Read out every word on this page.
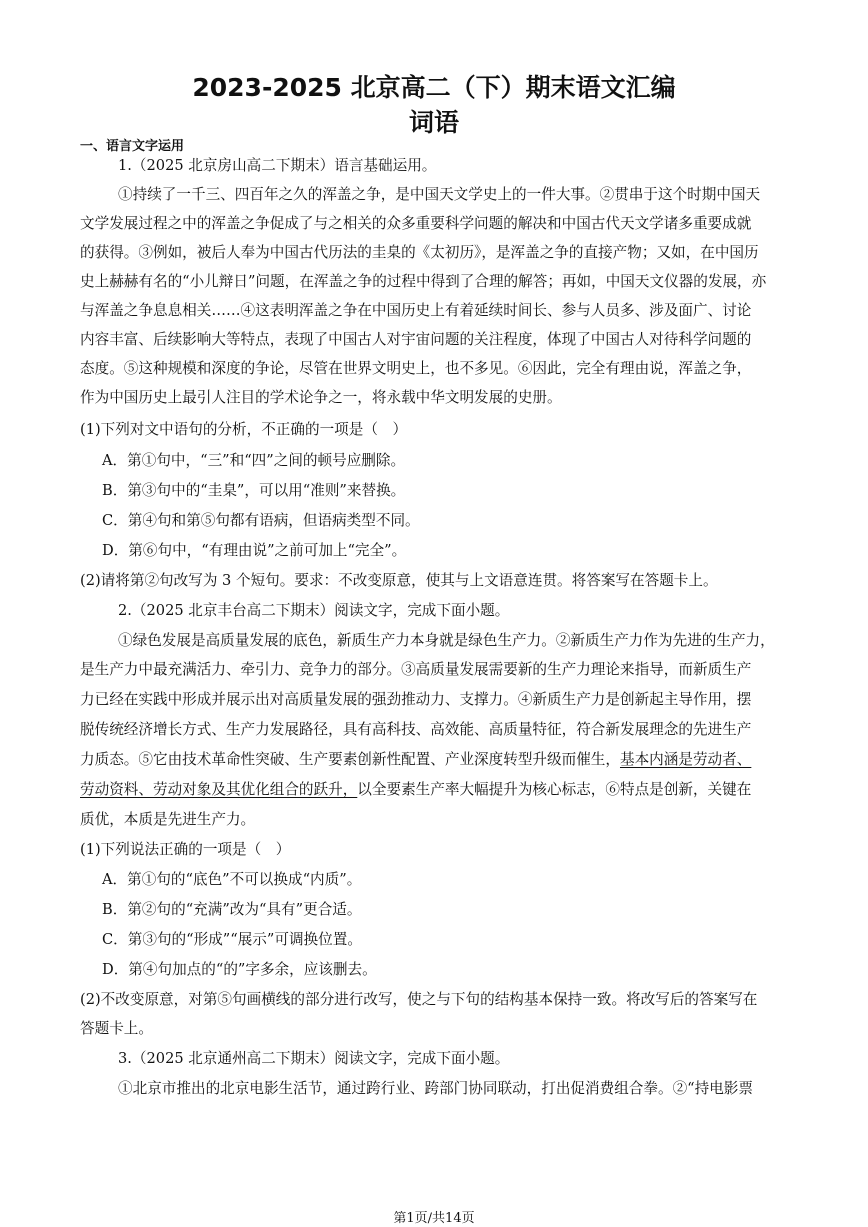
2023-2025 北京高二（下）期末语文汇编
词语
一、语言文字运用
1.（2025 北京房山高二下期末）语言基础运用。
①持续了一千三、四百年之久的浑盖之争，是中国天文学史上的一件大事。②贯串于这个时期中国天
文学发展过程之中的浑盖之争促成了与之相关的众多重要科学问题的解决和中国古代天文学诸多重要成就
的获得。③例如，被后人奉为中国古代历法的圭臬的《太初历》，是浑盖之争的直接产物；又如，在中国历
史上赫赫有名的“小儿辩日”问题，在浑盖之争的过程中得到了合理的解答；再如，中国天文仪器的发展，亦
与浑盖之争息息相关……④这表明浑盖之争在中国历史上有着延续时间长、参与人员多、涉及面广、讨论
内容丰富、后续影响大等特点，表现了中国古人对宇宙问题的关注程度，体现了中国古人对待科学问题的
态度。⑤这种规模和深度的争论，尽管在世界文明史上，也不多见。⑥因此，完全有理由说，浑盖之争，
作为中国历史上最引人注目的学术论争之一，将永载中华文明发展的史册。
(1)下列对文中语句的分析，不正确的一项是（　）
A．第①句中，“三”和“四”之间的顿号应删除。
B．第③句中的“圭臬”，可以用“准则”来替换。
C．第④句和第⑤句都有语病，但语病类型不同。
D．第⑥句中，“有理由说”之前可加上“完全”。
(2)请将第②句改写为 3 个短句。要求：不改变原意，使其与上文语意连贯。将答案写在答题卡上。
2.（2025 北京丰台高二下期末）阅读文字，完成下面小题。
①绿色发展是高质量发展的底色，新质生产力本身就是绿色生产力。②新质生产力作为先进的生产力，
是生产力中最充满活力、牵引力、竞争力的部分。③高质量发展需要新的生产力理论来指导，而新质生产
力已经在实践中形成并展示出对高质量发展的强劲推动力、支撑力。④新质生产力是创新起主导作用，摆
脱传统经济增长方式、生产力发展路径，具有高科技、高效能、高质量特征，符合新发展理念的先进生产
力质态。⑤它由技术革命性突破、生产要素创新性配置、产业深度转型升级而催生，基本内涵是劳动者、
劳动资料、劳动对象及其优化组合的跃升，以全要素生产率大幅提升为核心标志，⑥特点是创新，关键在
质优，本质是先进生产力。
(1)下列说法正确的一项是（　）
A．第①句的“底色”不可以换成“内质”。
B．第②句的“充满”改为“具有”更合适。
C．第③句的“形成”“展示”可调换位置。
D．第④句加点的“的”字多余，应该删去。
(2)不改变原意，对第⑤句画横线的部分进行改写，使之与下句的结构基本保持一致。将改写后的答案写在
答题卡上。
3.（2025 北京通州高二下期末）阅读文字，完成下面小题。
①北京市推出的北京电影生活节，通过跨行业、跨部门协同联动，打出促消费组合拳。②“持电影票
第1页/共14页
